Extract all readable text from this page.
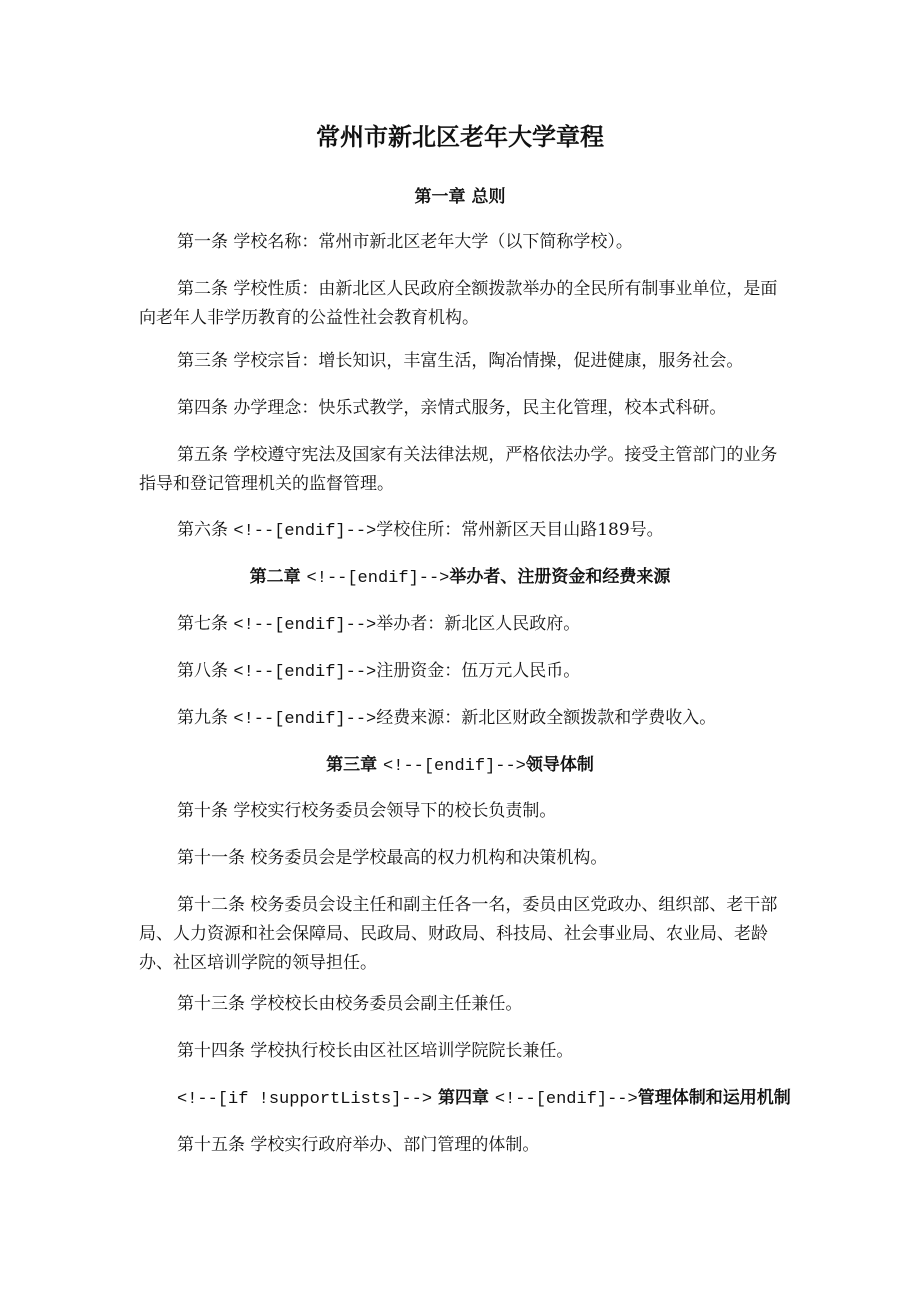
常州市新北区老年大学章程
第一章 总则
第一条 学校名称：常州市新北区老年大学（以下简称学校）。
第二条 学校性质：由新北区人民政府全额拨款举办的全民所有制事业单位，是面向老年人非学历教育的公益性社会教育机构。
第三条 学校宗旨：增长知识，丰富生活，陶冶情操，促进健康，服务社会。
第四条 办学理念：快乐式教学，亲情式服务，民主化管理，校本式科研。
第五条 学校遵守宪法及国家有关法律法规，严格依法办学。接受主管部门的业务指导和登记管理机关的监督管理。
第六条 <!--[endif]-->学校住所：常州新区天目山路189号。
第二章 <!--[endif]-->举办者、注册资金和经费来源
第七条 <!--[endif]-->举办者：新北区人民政府。
第八条 <!--[endif]-->注册资金：伍万元人民币。
第九条 <!--[endif]-->经费来源：新北区财政全额拨款和学费收入。
第三章 <!--[endif]-->领导体制
第十条 学校实行校务委员会领导下的校长负责制。
第十一条 校务委员会是学校最高的权力机构和决策机构。
第十二条 校务委员会设主任和副主任各一名，委员由区党政办、组织部、老干部局、人力资源和社会保障局、民政局、财政局、科技局、社会事业局、农业局、老龄办、社区培训学院的领导担任。
第十三条 学校校长由校务委员会副主任兼任。
第十四条 学校执行校长由区社区培训学院院长兼任。
<!--[if !supportLists]--> 第四章 <!--[endif]-->管理体制和运用机制
第十五条 学校实行政府举办、部门管理的体制。
